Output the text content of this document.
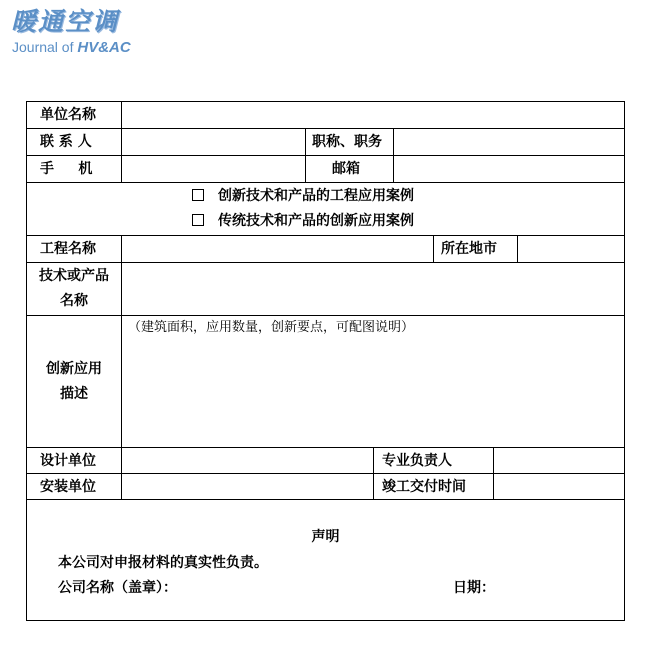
暖通空调
Journal of HV&AC
单位名称
联 系 人	职称、职务
手     机	邮箱
创新技术和产品的工程应用案例
传统技术和产品的创新应用案例
工程名称	所在地市
技术或产品
名称
（建筑面积，应用数量，创新要点，可配图说明）
创新应用
描述
设计单位	专业负责人
安装单位	竣工交付时间
声明
本公司对申报材料的真实性负责。
公司名称（盖章）：	日期：
